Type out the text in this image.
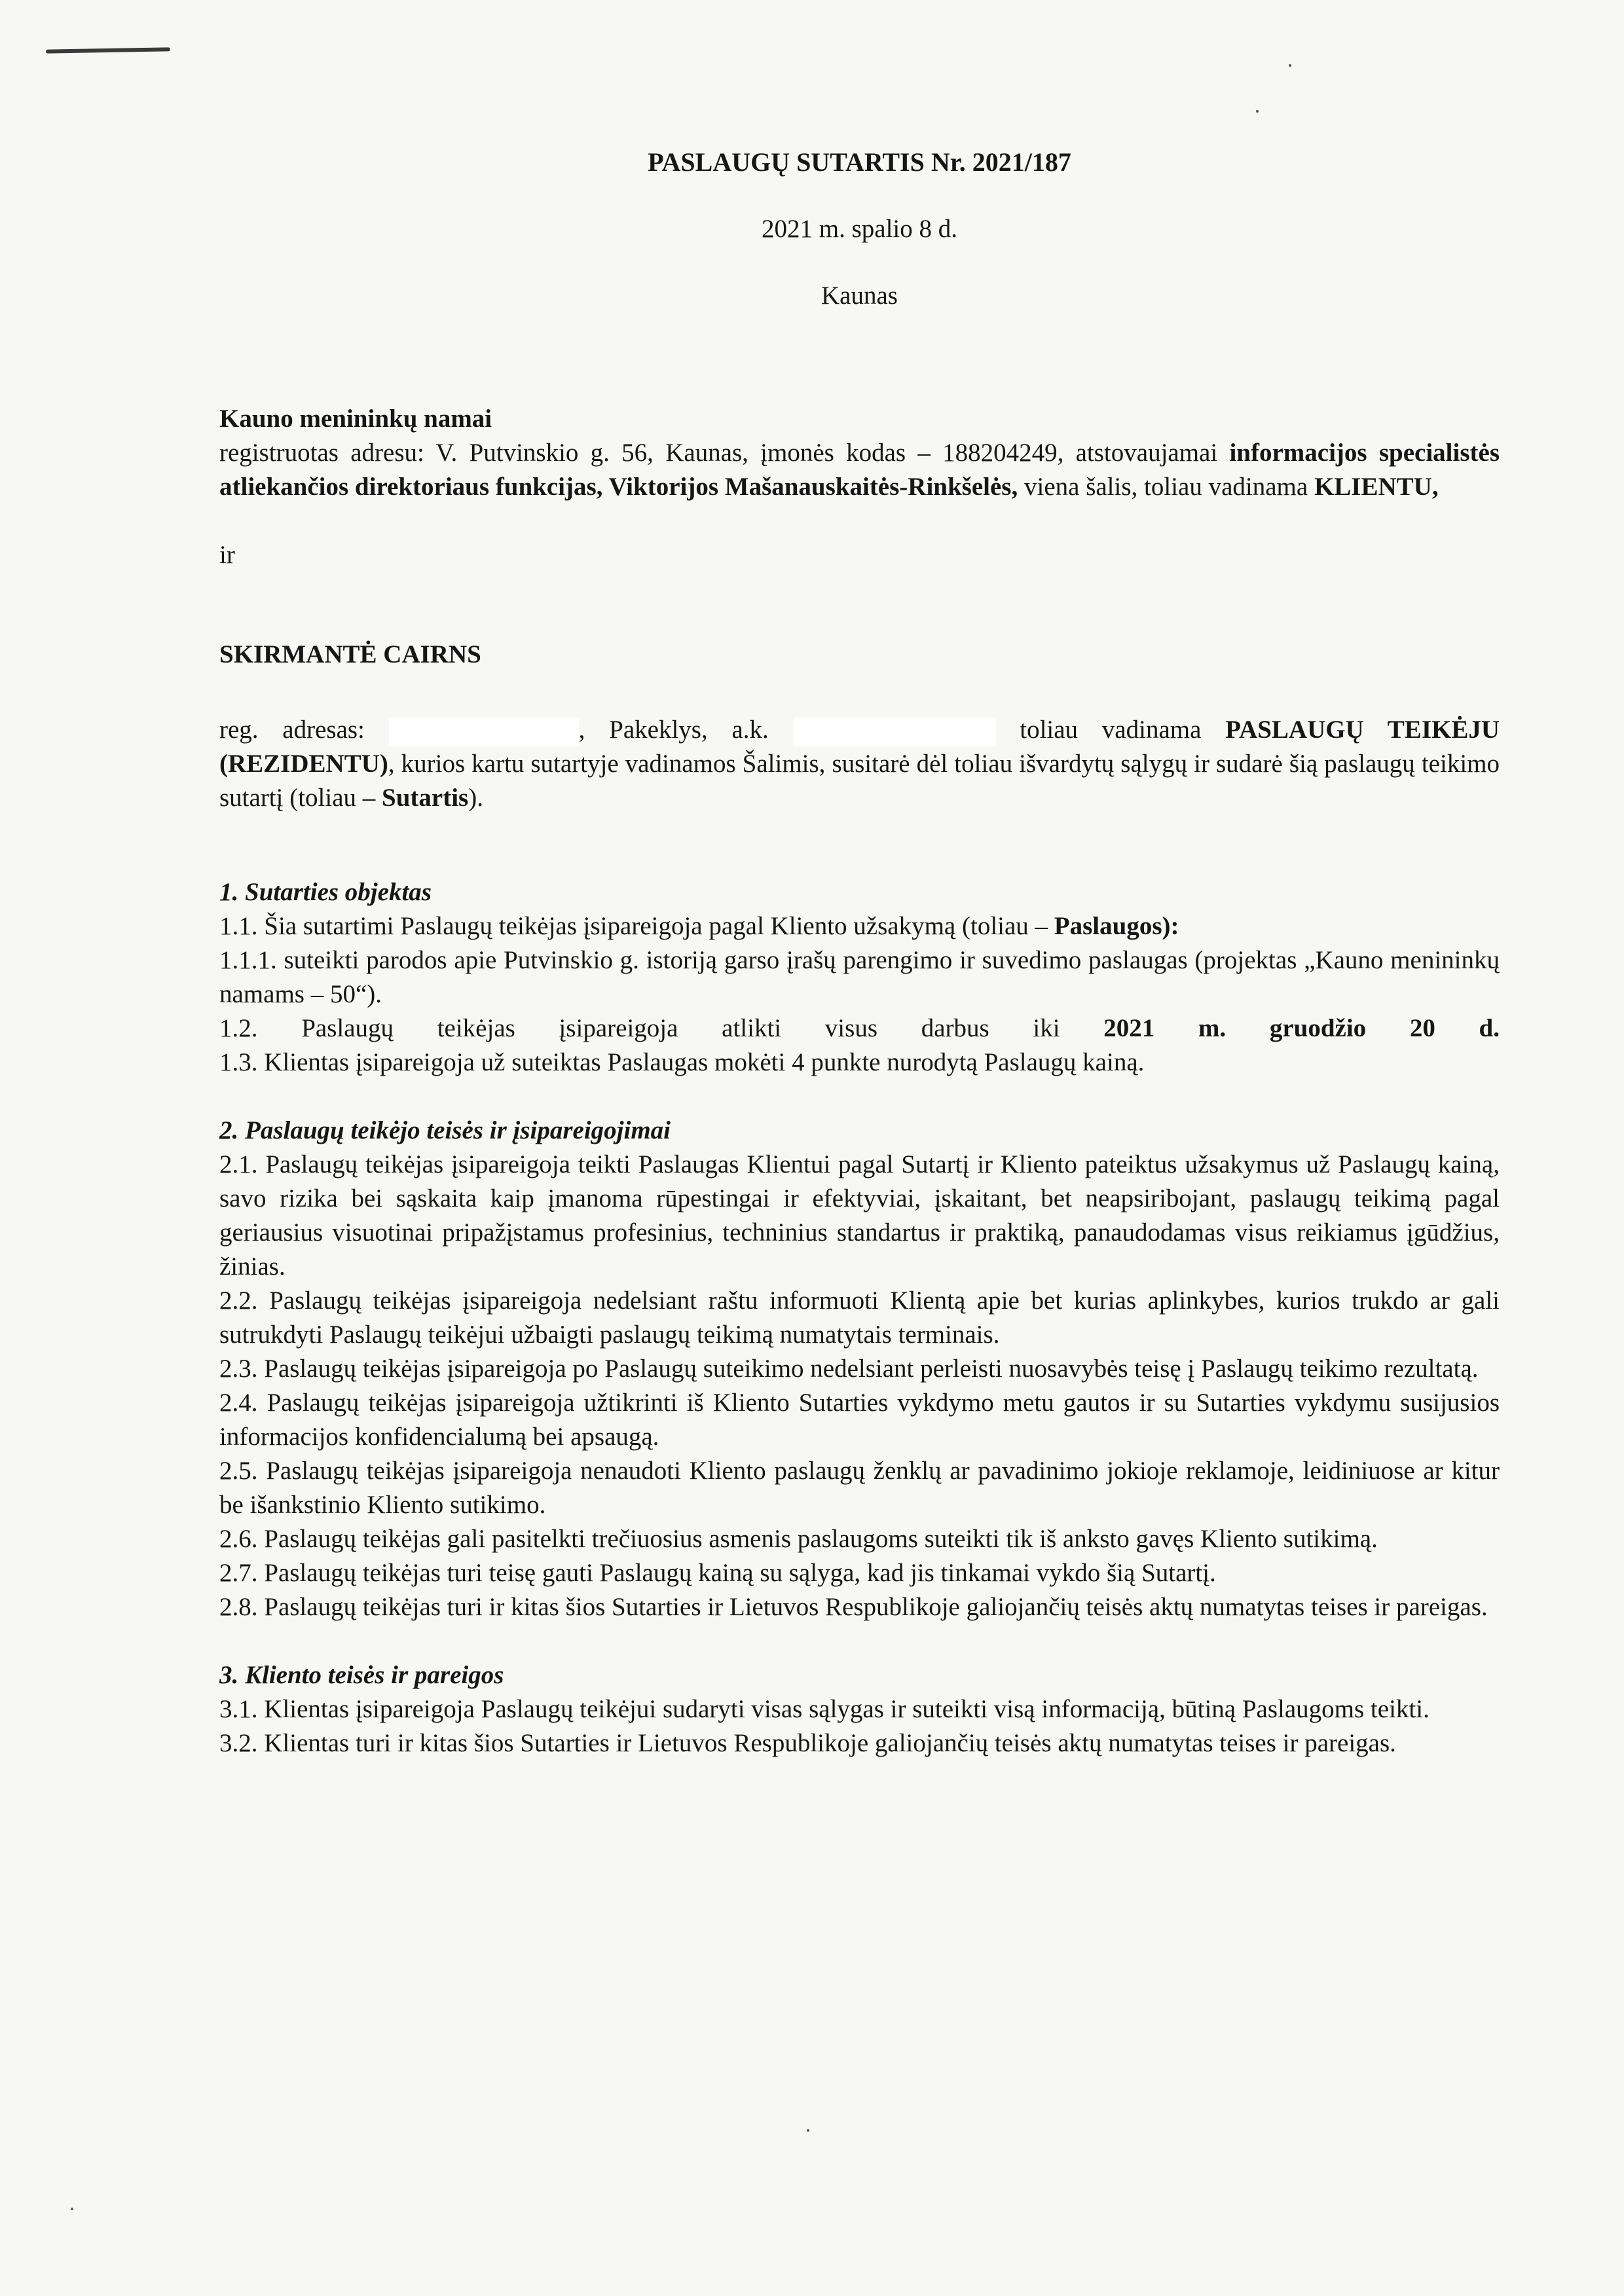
PASLAUGŲ SUTARTIS Nr. 2021/187
2021 m. spalio 8 d.
Kaunas
Kauno menininkų namai

registruotas adresu: V. Putvinskio g. 56, Kaunas, įmonės kodas – 188204249, atstovaujamai informacijos specialistės atliekančios direktoriaus funkcijas, Viktorijos Mašanauskaitės-Rinkšelės, viena šalis, toliau vadinama KLIENTU,

ir
SKIRMANTĖ CAIRNS

reg. adresas:	, Pakeklys, a.k.	toliau vadinama PASLAUGŲ TEIKĖJU (REZIDENTU), kurios kartu sutartyje vadinamos Šalimis, susitarė dėl toliau išvardytų sąlygų ir sudarė šią paslaugų teikimo sutartį (toliau – Sutartis).

1. Sutarties objektas

1.1. Šia sutartimi Paslaugų teikėjas įsipareigoja pagal Kliento užsakymą (toliau – Paslaugos):

1.1.1. suteikti parodos apie Putvinskio g. istoriją garso įrašų parengimo ir suvedimo paslaugas (projektas „Kauno menininkų namams – 50“).

1.2. Paslaugų teikėjas įsipareigoja atlikti visus darbus iki 2021 m. gruodžio 20 d.

1.3. Klientas įsipareigoja už suteiktas Paslaugas mokėti 4 punkte nurodytą Paslaugų kainą.

2. Paslaugų teikėjo teisės ir įsipareigojimai

2.1. Paslaugų teikėjas įsipareigoja teikti Paslaugas Klientui pagal Sutartį ir Kliento pateiktus užsakymus už Paslaugų kainą, savo rizika bei sąskaita kaip įmanoma rūpestingai ir efektyviai, įskaitant, bet neapsiribojant, paslaugų teikimą pagal geriausius visuotinai pripažįstamus profesinius, techninius standartus ir praktiką, panaudodamas visus reikiamus įgūdžius, žinias.

2.2. Paslaugų teikėjas įsipareigoja nedelsiant raštu informuoti Klientą apie bet kurias aplinkybes, kurios trukdo ar gali sutrukdyti Paslaugų teikėjui užbaigti paslaugų teikimą numatytais terminais.

2.3. Paslaugų teikėjas įsipareigoja po Paslaugų suteikimo nedelsiant perleisti nuosavybės teisę į Paslaugų teikimo rezultatą.

2.4. Paslaugų teikėjas įsipareigoja užtikrinti iš Kliento Sutarties vykdymo metu gautos ir su Sutarties vykdymu susijusios informacijos konfidencialumą bei apsaugą.

2.5. Paslaugų teikėjas įsipareigoja nenaudoti Kliento paslaugų ženklų ar pavadinimo jokioje reklamoje, leidiniuose ar kitur be išankstinio Kliento sutikimo.

2.6. Paslaugų teikėjas gali pasitelkti trečiuosius asmenis paslaugoms suteikti tik iš anksto gavęs Kliento sutikimą.

2.7. Paslaugų teikėjas turi teisę gauti Paslaugų kainą su sąlyga, kad jis tinkamai vykdo šią Sutartį.

2.8. Paslaugų teikėjas turi ir kitas šios Sutarties ir Lietuvos Respublikoje galiojančių teisės aktų numatytas teises ir pareigas.

3. Kliento teisės ir pareigos

3.1. Klientas įsipareigoja Paslaugų teikėjui sudaryti visas sąlygas ir suteikti visą informaciją, būtiną Paslaugoms teikti.

3.2. Klientas turi ir kitas šios Sutarties ir Lietuvos Respublikoje galiojančių teisės aktų numatytas teises ir pareigas.
